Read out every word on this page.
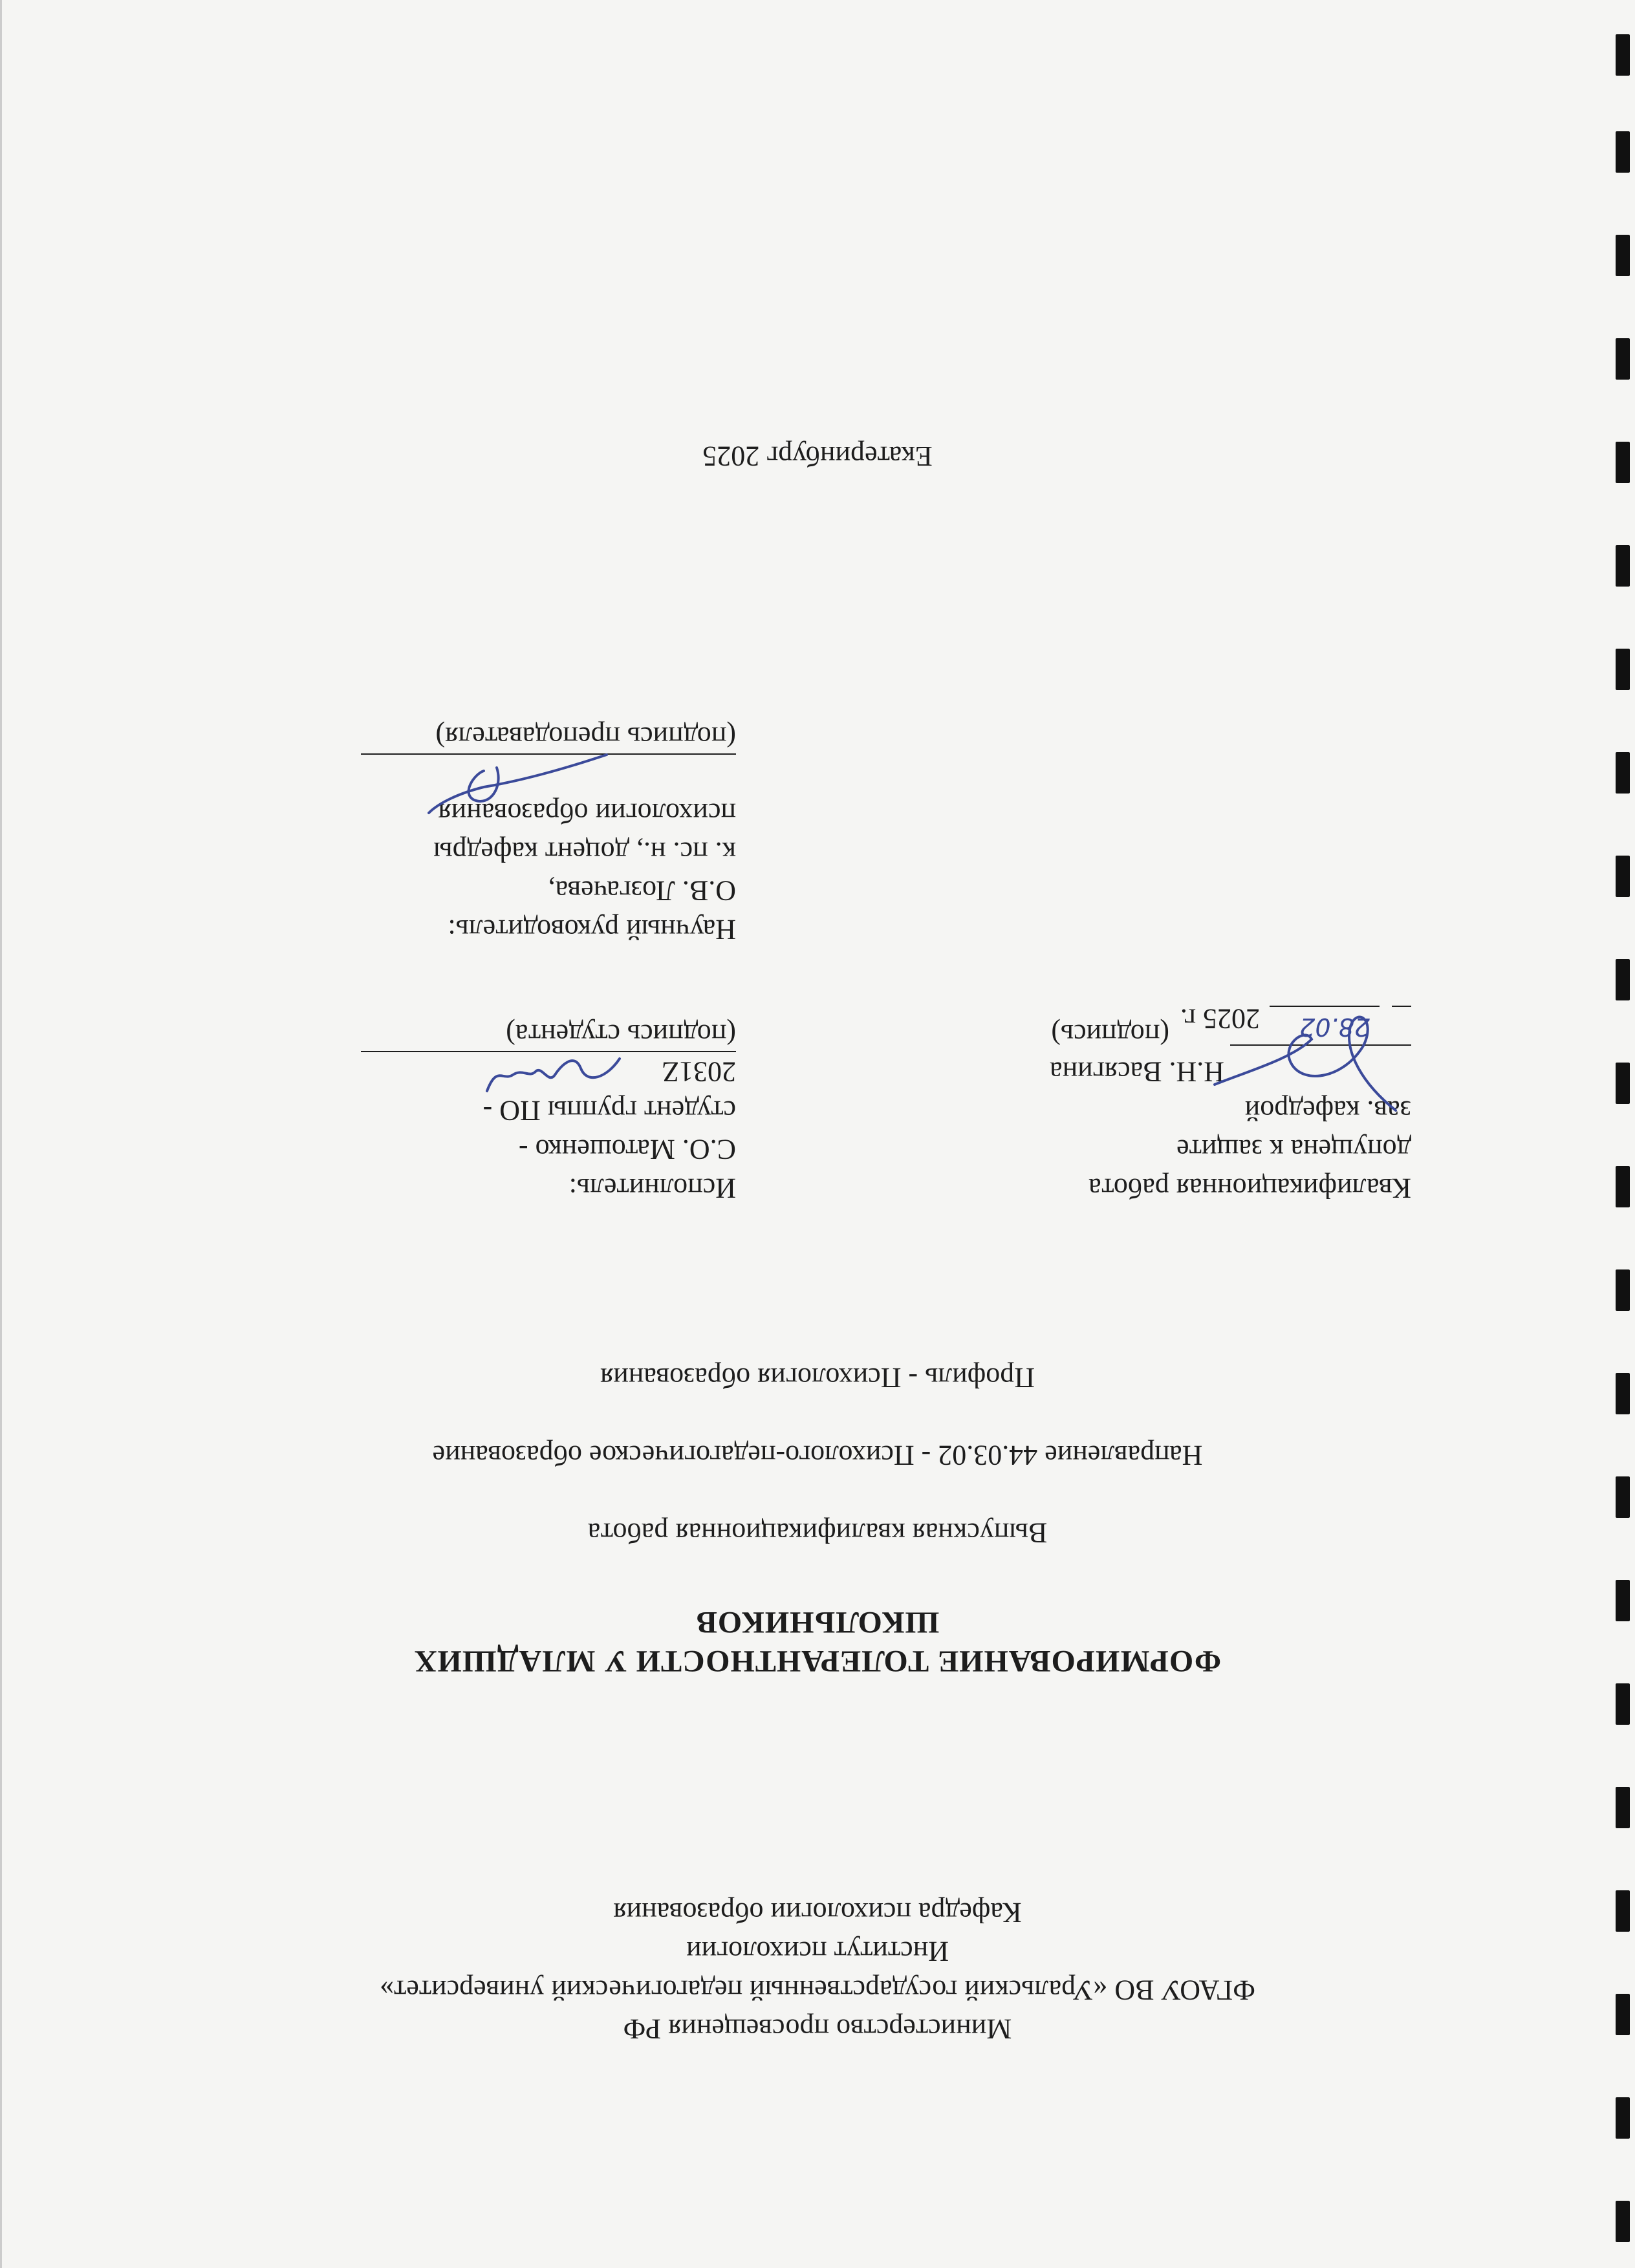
Министерство просвещения РФ
ФГАОУ ВО «Уральский государственный педагогический университет»
Институт психологии
Кафедра психологии образования
ФОРМИРОВАНИЕ ТОЛЕРАНТНОСТИ У МЛАДШИХ
ШКОЛЬНИКОВ
Выпускная квалификационная работа
Направление 44.03.02 - Психолого-педагогическое образование
Профиль - Психология образования
Квалификационная работа
допущена к защите
зав. кафедрой
Н.Н. Васягина
(подпись)	28.02
2025 г.
Исполнитель:
С.О. Матошенко -
студент группы ПО -
2031Z
(подпись студента)
Научный руководитель:
О.В. Лозгачева,
к. пс. н., доцент кафедры
психологии образования
(подпись преподавателя)
Екатеринбург 2025
